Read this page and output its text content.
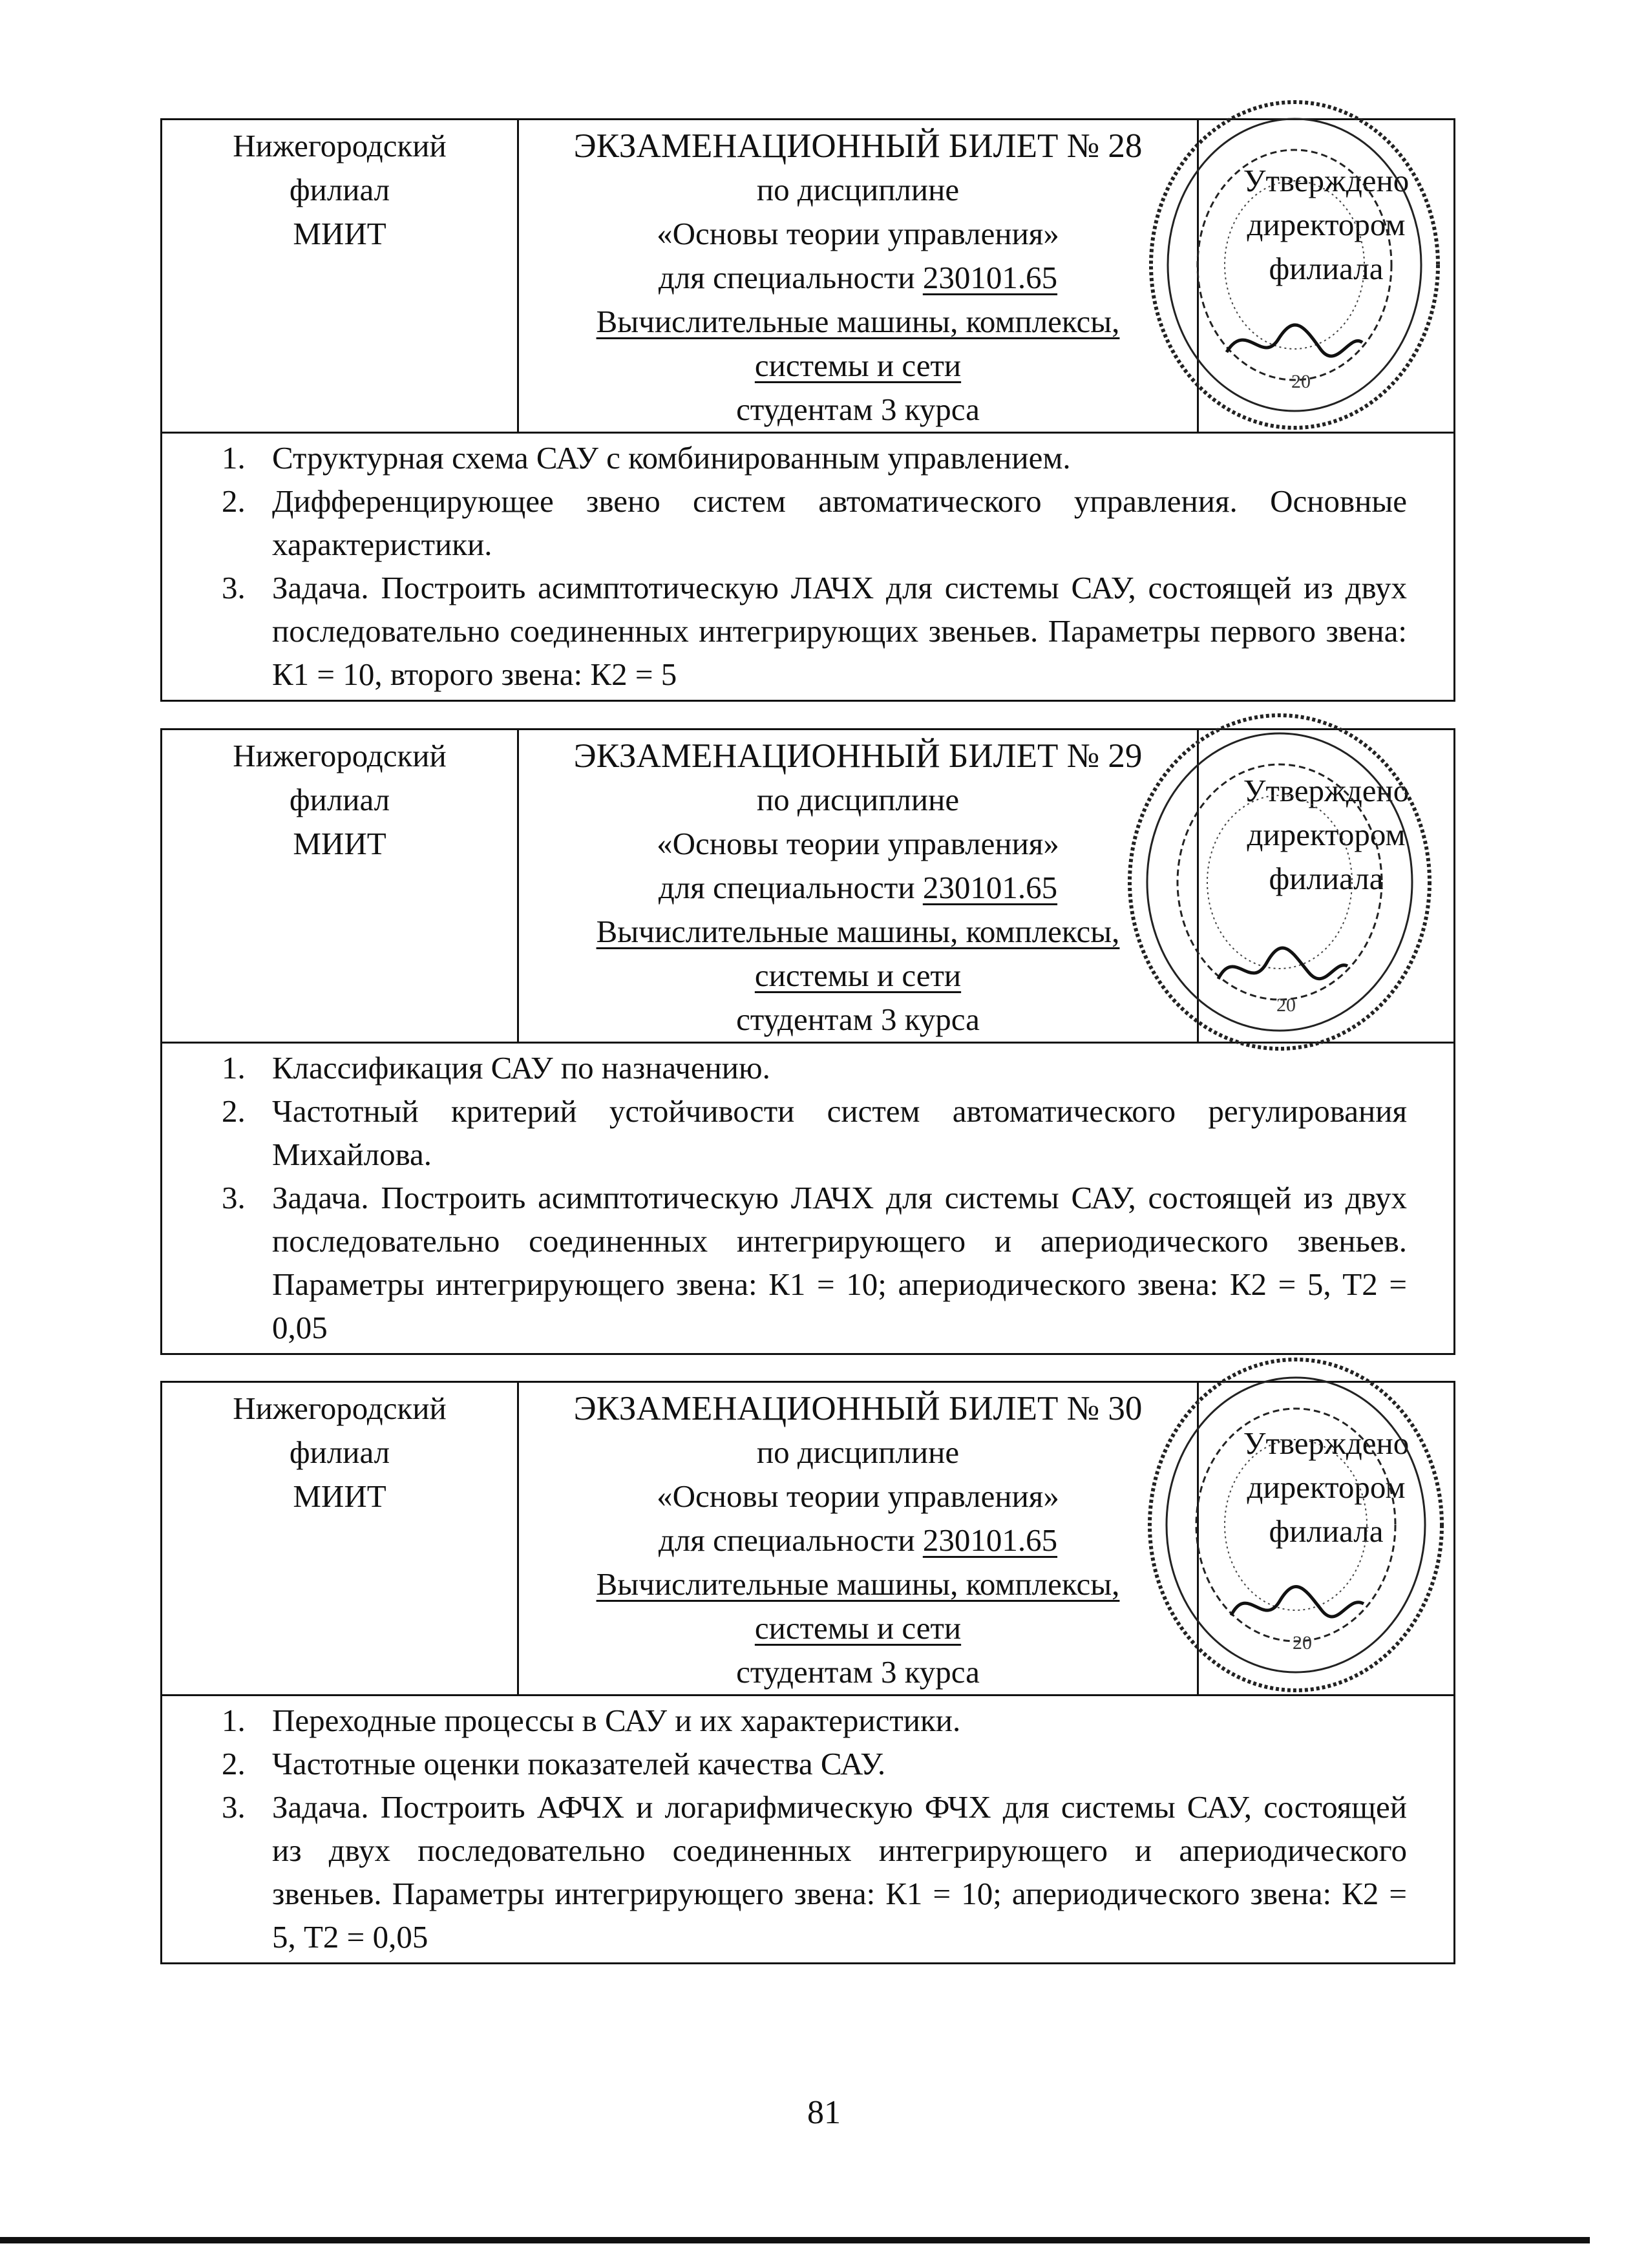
Нижегородский
филиал
МИИТ
ЭКЗАМЕНАЦИОННЫЙ БИЛЕТ № 28
по дисциплине
«Основы теории управления»
для специальности 230101.65
Вычислительные машины, комплексы,
системы и сети
студентам 3 курса
Утверждено
директором
филиала
1. Структурная схема САУ с комбинированным управлением.
2. Дифференцирующее звено систем автоматического управления. Основные характеристики.
3. Задача. Построить асимптотическую ЛАЧХ для системы САУ, состоящей из двух последовательно соединенных интегрирующих звеньев. Параметры первого звена: К1 = 10, второго звена: К2 = 5
Нижегородский
филиал
МИИТ
ЭКЗАМЕНАЦИОННЫЙ БИЛЕТ № 29
по дисциплине
«Основы теории управления»
для специальности 230101.65
Вычислительные машины, комплексы,
системы и сети
студентам 3 курса
Утверждено
директором
филиала
1. Классификация САУ по назначению.
2. Частотный критерий устойчивости систем автоматического регулирования Михайлова.
3. Задача. Построить асимптотическую ЛАЧХ для системы САУ, состоящей из двух последовательно соединенных интегрирующего и апериодического звеньев. Параметры интегрирующего звена: К1 = 10; апериодического звена: К2 = 5, Т2 = 0,05
Нижегородский
филиал
МИИТ
ЭКЗАМЕНАЦИОННЫЙ БИЛЕТ № 30
по дисциплине
«Основы теории управления»
для специальности 230101.65
Вычислительные машины, комплексы,
системы и сети
студентам 3 курса
Утверждено
директором
филиала
1. Переходные процессы в САУ и их характеристики.
2. Частотные оценки показателей качества САУ.
3. Задача. Построить АФЧХ и логарифмическую ФЧХ для системы САУ, состоящей из двух последовательно соединенных интегрирующего и апериодического звеньев. Параметры интегрирующего звена: К1 = 10; апериодического звена: К2 = 5, Т2 = 0,05
20
20
20
81
